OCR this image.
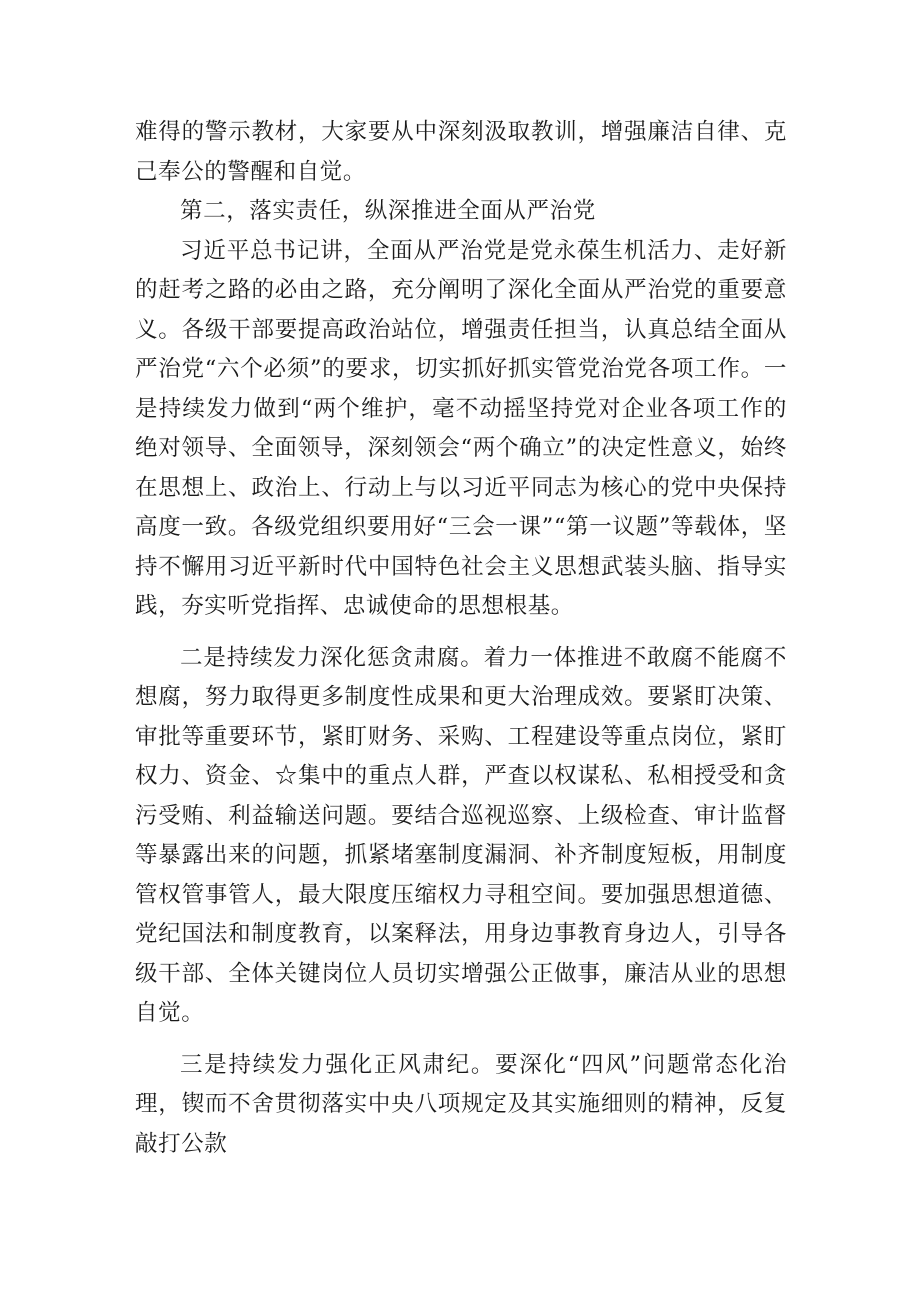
难得的警示教材，大家要从中深刻汲取教训，增强廉洁自律、克己奉公的警醒和自觉。

第二，落实责任，纵深推进全面从严治党

习近平总书记讲，全面从严治党是党永葆生机活力、走好新的赶考之路的必由之路，充分阐明了深化全面从严治党的重要意义。各级干部要提高政治站位，增强责任担当，认真总结全面从严治党“六个必须”的要求，切实抓好抓实管党治党各项工作。一是持续发力做到“两个维护，毫不动摇坚持党对企业各项工作的绝对领导、全面领导，深刻领会“两个确立”的决定性意义，始终在思想上、政治上、行动上与以习近平同志为核心的党中央保持高度一致。各级党组织要用好“三会一课”“第一议题”等载体，坚持不懈用习近平新时代中国特色社会主义思想武装头脑、指导实践，夯实听党指挥、忠诚使命的思想根基。

二是持续发力深化惩贪肃腐。着力一体推进不敢腐不能腐不想腐，努力取得更多制度性成果和更大治理成效。要紧盯决策、审批等重要环节，紧盯财务、采购、工程建设等重点岗位，紧盯权力、资金、☆集中的重点人群，严查以权谋私、私相授受和贪污受贿、利益输送问题。要结合巡视巡察、上级检查、审计监督等暴露出来的问题，抓紧堵塞制度漏洞、补齐制度短板，用制度管权管事管人，最大限度压缩权力寻租空间。要加强思想道德、党纪国法和制度教育，以案释法，用身边事教育身边人，引导各级干部、全体关键岗位人员切实增强公正做事，廉洁从业的思想自觉。

三是持续发力强化正风肃纪。要深化“四风”问题常态化治理，锲而不舍贯彻落实中央八项规定及其实施细则的精神，反复敲打公款
